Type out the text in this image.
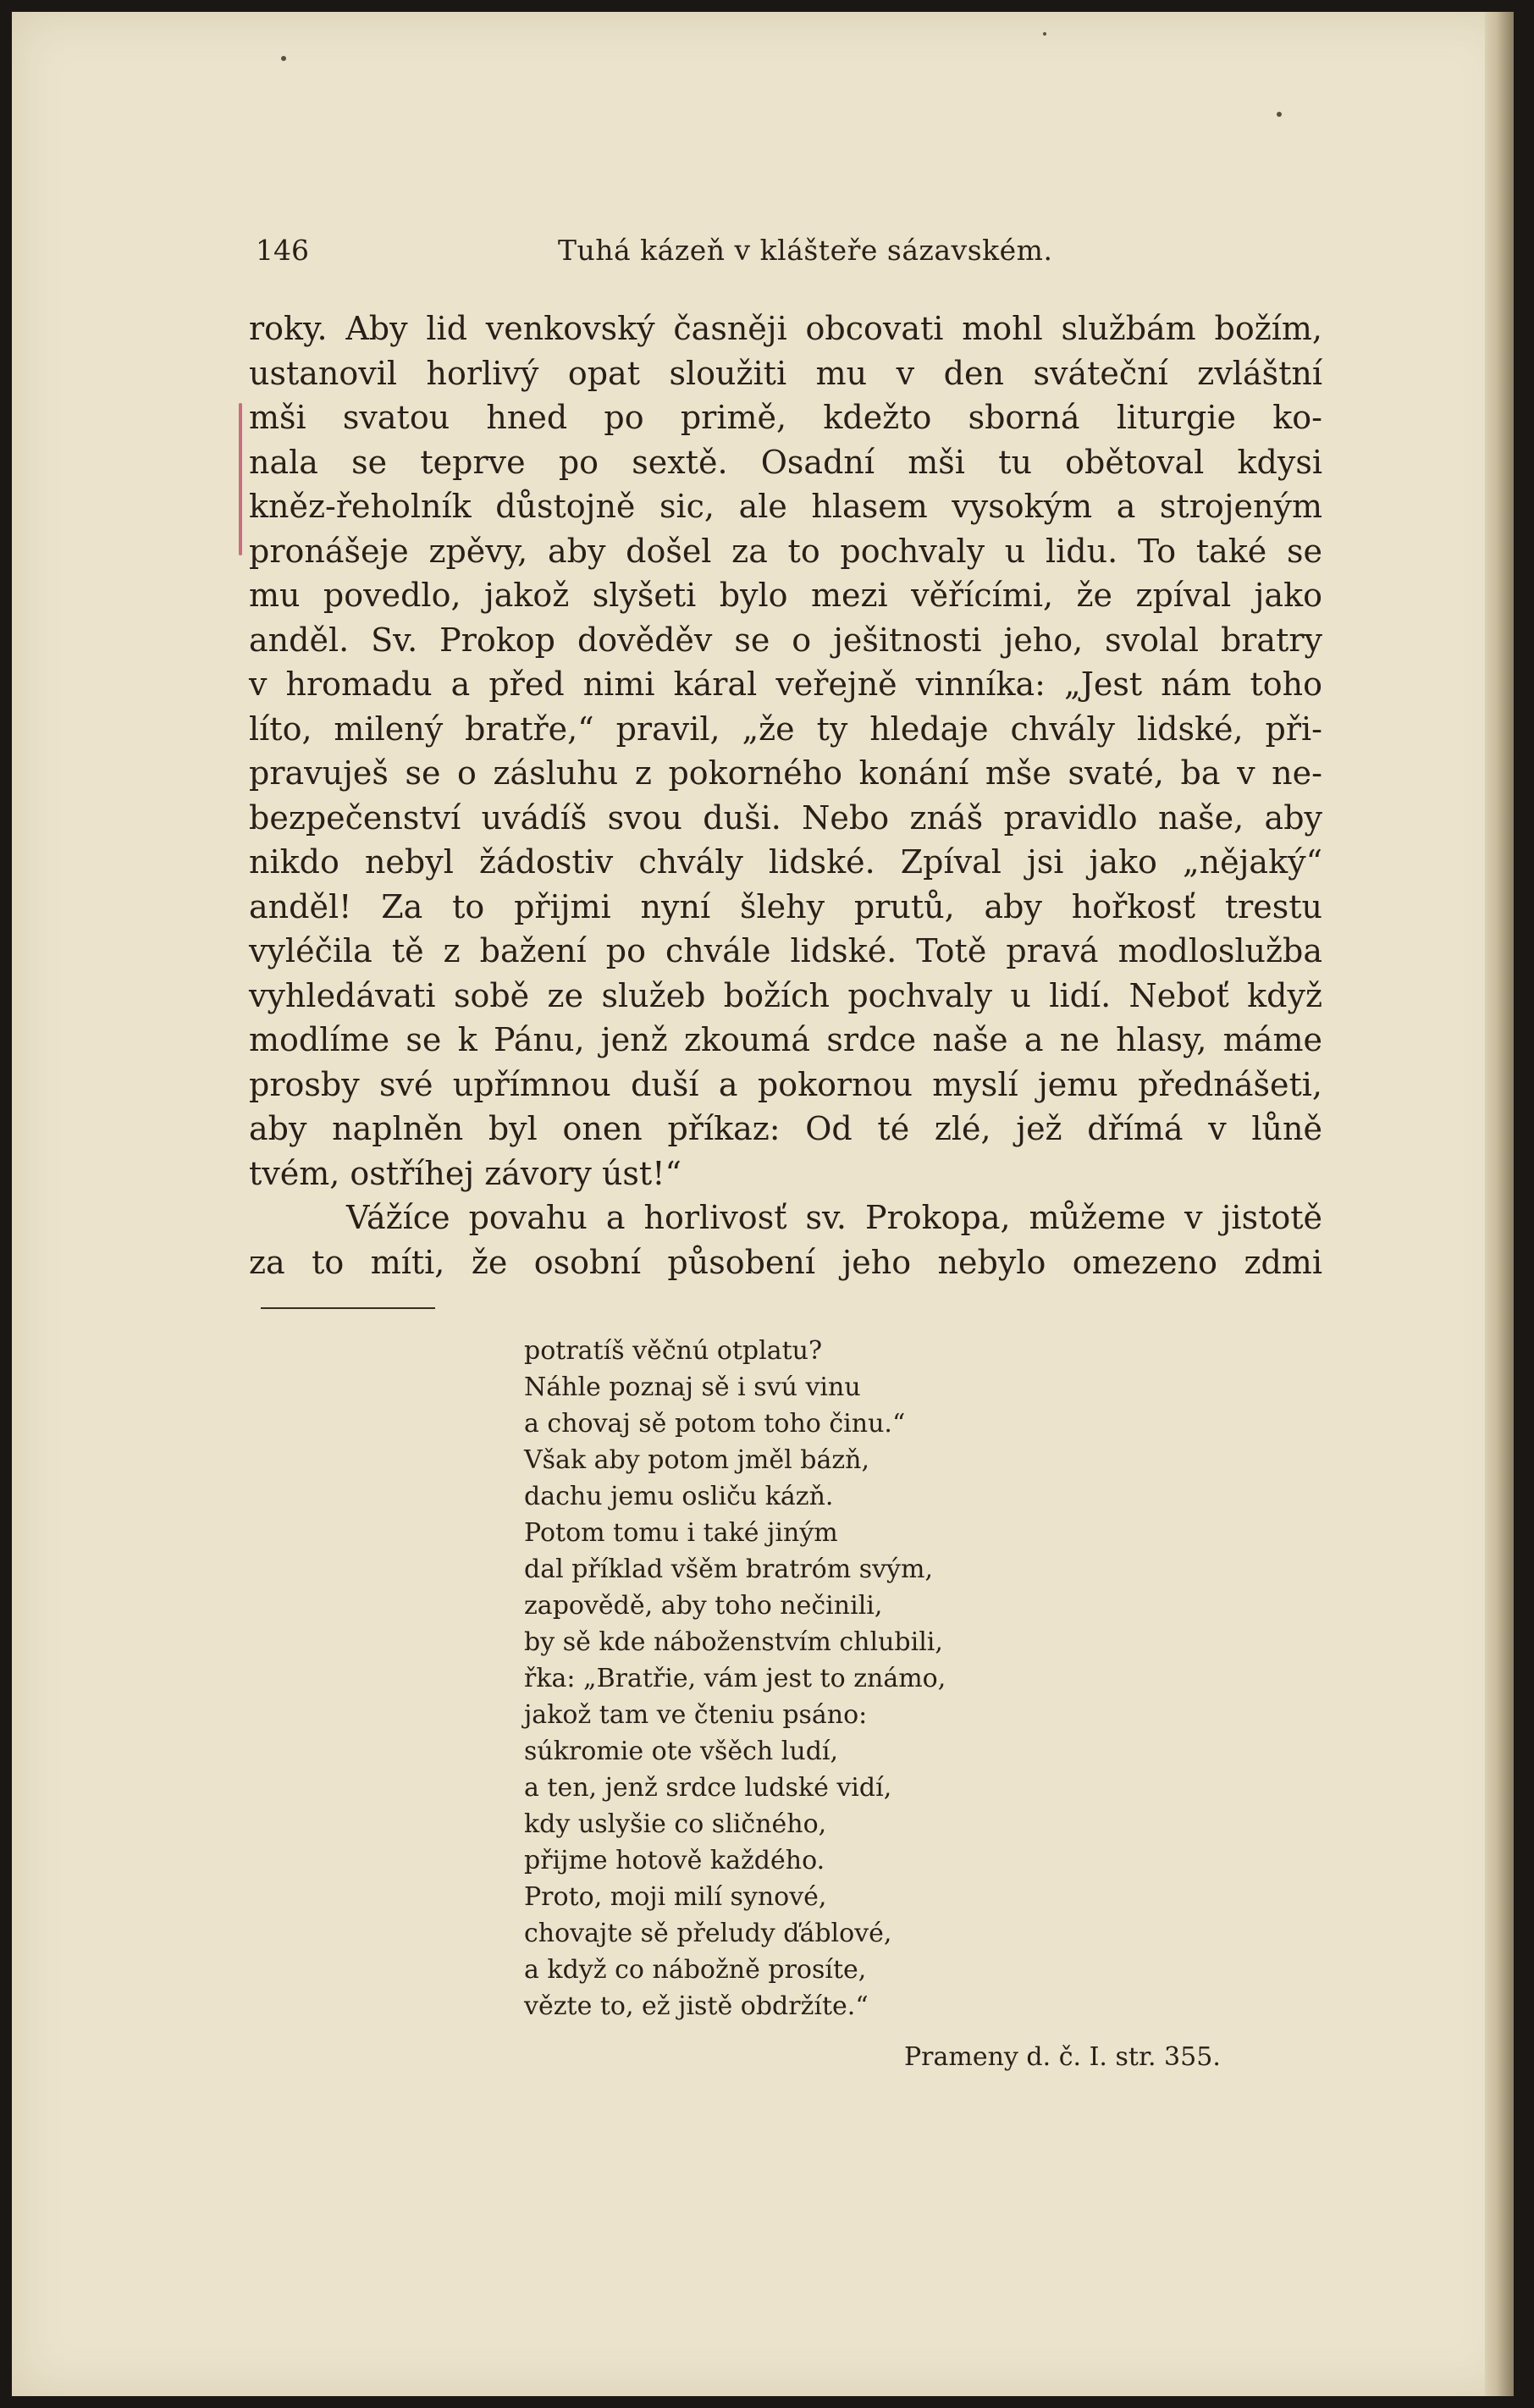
146	Tuhá kázeň v klášteře sázavském.
roky. Aby lid venkovský časněji obcovati mohl službám božím,
ustanovil horlivý opat sloužiti mu v den sváteční zvláštní
mši svatou hned po primě, kdežto sborná liturgie ko-
nala se teprve po sextě. Osadní mši tu obětoval kdysi
kněz-řeholník důstojně sic, ale hlasem vysokým a strojeným
pronášeje zpěvy, aby došel za to pochvaly u lidu. To také se
mu povedlo, jakož slyšeti bylo mezi věřícími, že zpíval jako
anděl. Sv. Prokop dověděv se o ješitnosti jeho, svolal bratry
v hromadu a před nimi káral veřejně vinníka: „Jest nám toho
líto, milený bratře,“ pravil, „že ty hledaje chvály lidské, při-
pravuješ se o zásluhu z pokorného konání mše svaté, ba v ne-
bezpečenství uvádíš svou duši. Nebo znáš pravidlo naše, aby
nikdo nebyl žádostiv chvály lidské. Zpíval jsi jako „nějaký“
anděl! Za to přijmi nyní šlehy prutů, aby hořkosť trestu
vyléčila tě z bažení po chvále lidské. Totě pravá modloslužba
vyhledávati sobě ze služeb božích pochvaly u lidí. Neboť když
modlíme se k Pánu, jenž zkoumá srdce naše a ne hlasy, máme
prosby své upřímnou duší a pokornou myslí jemu přednášeti,
aby naplněn byl onen příkaz: Od té zlé, jež dřímá v lůně
tvém, ostříhej závory úst!“
Vážíce povahu a horlivosť sv. Prokopa, můžeme v jistotě
za to míti, že osobní působení jeho nebylo omezeno zdmi
potratíš věčnú otplatu?
Náhle poznaj sě i svú vinu
a chovaj sě potom toho činu.“
Však aby potom jměl bázň,
dachu jemu osliču kázň.
Potom tomu i také jiným
dal příklad všěm bratróm svým,
zapovědě, aby toho nečinili,
by sě kde náboženstvím chlubili,
řka: „Bratřie, vám jest to známo,
jakož tam ve čteniu psáno:
súkromie ote všěch ludí,
a ten, jenž srdce ludské vidí,
kdy uslyšie co sličného,
přijme hotově každého.
Proto, moji milí synové,
chovajte sě přeludy ďáblové,
a když co nábožně prosíte,
vězte to, ež jistě obdržíte.“
Prameny d. č. I. str. 355.
